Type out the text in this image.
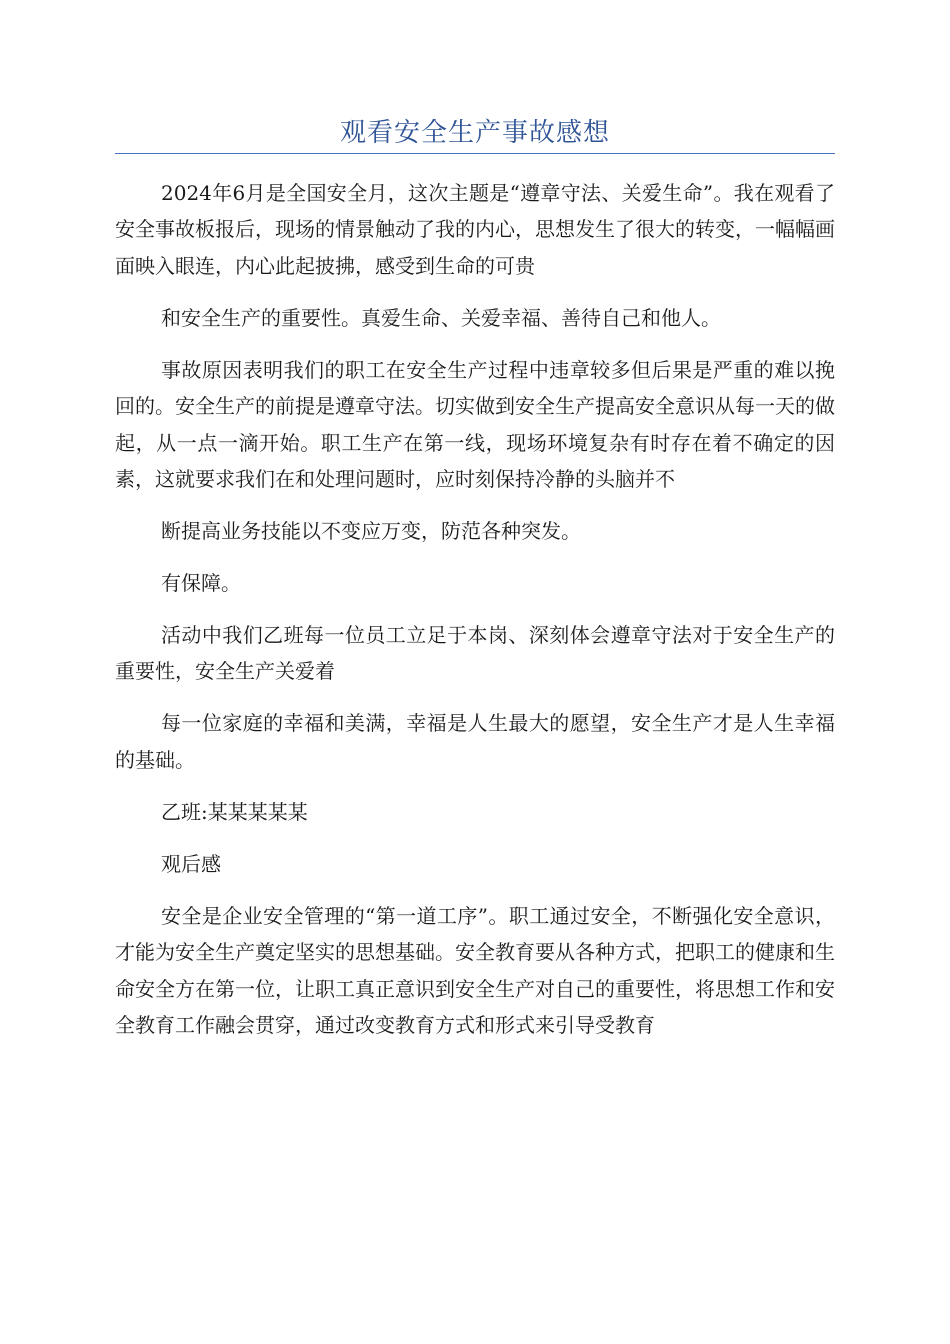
观看安全生产事故感想

2024年6月是全国安全月，这次主题是“遵章守法、关爱生命”。我在观看了安全事故板报后，现场的情景触动了我的内心，思想发生了很大的转变，一幅幅画面映入眼连，内心此起披拂，感受到生命的可贵

和安全生产的重要性。真爱生命、关爱幸福、善待自己和他人。

事故原因表明我们的职工在安全生产过程中违章较多但后果是严重的难以挽回的。安全生产的前提是遵章守法。切实做到安全生产提高安全意识从每一天的做起，从一点一滴开始。职工生产在第一线，现场环境复杂有时存在着不确定的因素，这就要求我们在和处理问题时，应时刻保持冷静的头脑并不

断提高业务技能以不变应万变，防范各种突发。

有保障。

活动中我们乙班每一位员工立足于本岗、深刻体会遵章守法对于安全生产的重要性，安全生产关爱着

每一位家庭的幸福和美满，幸福是人生最大的愿望，安全生产才是人生幸福的基础。

乙班:某某某某某

观后感

安全是企业安全管理的“第一道工序”。职工通过安全，不断强化安全意识，才能为安全生产奠定坚实的思想基础。安全教育要从各种方式，把职工的健康和生命安全方在第一位，让职工真正意识到安全生产对自己的重要性，将思想工作和安全教育工作融会贯穿，通过改变教育方式和形式来引导受教育
